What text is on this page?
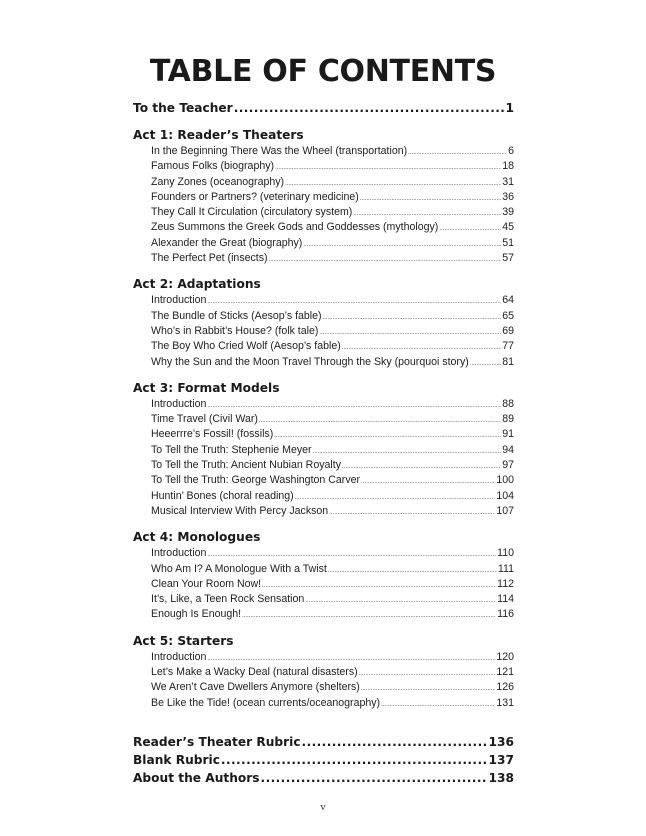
TABLE OF CONTENTS
To the Teacher .....	1
Act 1: Reader’s Theaters
In the Beginning There Was the Wheel (transportation) .....	6
Famous Folks (biography) .....	18
Zany Zones (oceanography) .....	31
Founders or Partners? (veterinary medicine) .....	36
They Call It Circulation (circulatory system) .....	39
Zeus Summons the Greek Gods and Goddesses (mythology) .....	45
Alexander the Great (biography) .....	51
The Perfect Pet (insects) .....	57
Act 2: Adaptations
Introduction .....	64
The Bundle of Sticks (Aesop’s fable) .....	65
Who’s in Rabbit’s House? (folk tale) .....	69
The Boy Who Cried Wolf (Aesop’s fable) .....	77
Why the Sun and the Moon Travel Through the Sky (pourquoi story) .....	81
Act 3: Format Models
Introduction .....	88
Time Travel (Civil War) .....	89
Heeerrre’s Fossil! (fossils) .....	91
To Tell the Truth: Stephenie Meyer .....	94
To Tell the Truth: Ancient Nubian Royalty .....	97
To Tell the Truth: George Washington Carver .....	100
Huntin’ Bones (choral reading) .....	104
Musical Interview With Percy Jackson .....	107
Act 4: Monologues
Introduction .....	110
Who Am I? A Monologue With a Twist .....	111
Clean Your Room Now! .....	112
It’s, Like, a Teen Rock Sensation .....	114
Enough Is Enough! .....	116
Act 5: Starters
Introduction .....	120
Let’s Make a Wacky Deal (natural disasters) .....	121
We Aren’t Cave Dwellers Anymore (shelters) .....	126
Be Like the Tide! (ocean currents/oceanography) .....	131
Reader’s Theater Rubric .....	136
Blank Rubric .....	137
About the Authors .....	138
v
